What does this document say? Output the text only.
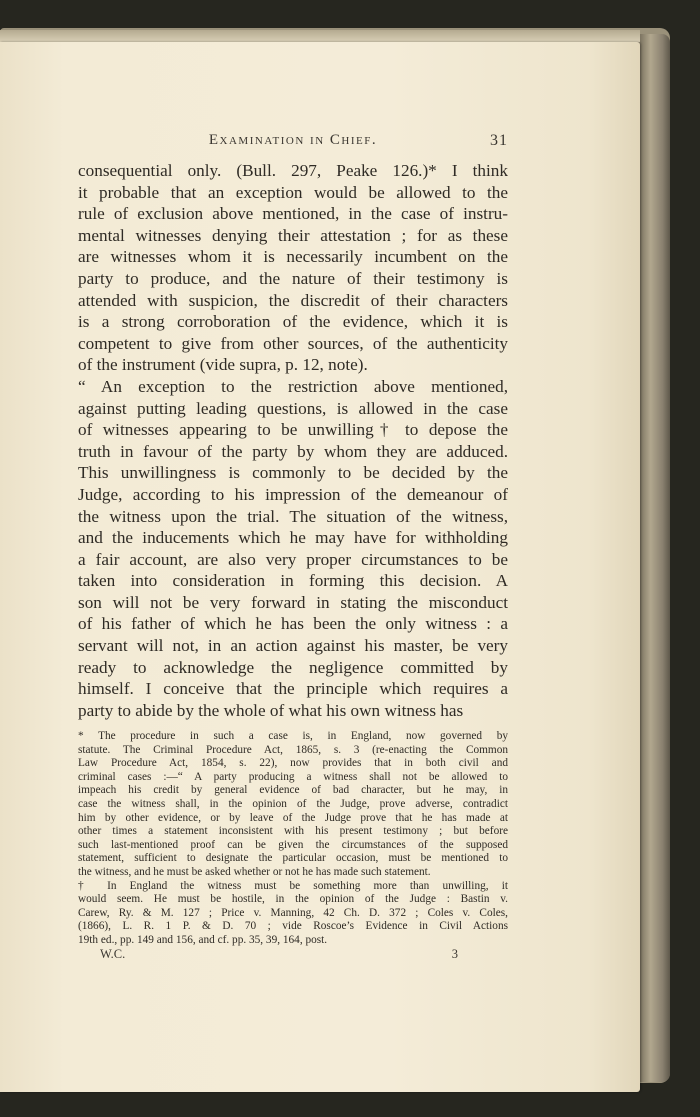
Examination in Chief.	31
consequential only. (Bull. 297, Peake 126.)* I think
it probable that an exception would be allowed to the
rule of exclusion above mentioned, in the case of instru-
mental witnesses denying their attestation ; for as these
are witnesses whom it is necessarily incumbent on the
party to produce, and the nature of their testimony is
attended with suspicion, the discredit of their characters
is a strong corroboration of the evidence, which it is
competent to give from other sources, of the authenticity
of the instrument (vide supra, p. 12, note).
“ An exception to the restriction above mentioned,
against putting leading questions, is allowed in the case
of witnesses appearing to be unwilling† to depose the
truth in favour of the party by whom they are adduced.
This unwillingness is commonly to be decided by the
Judge, according to his impression of the demeanour of
the witness upon the trial. The situation of the witness,
and the inducements which he may have for withholding
a fair account, are also very proper circumstances to be
taken into consideration in forming this decision. A
son will not be very forward in stating the misconduct
of his father of which he has been the only witness : a
servant will not, in an action against his master, be very
ready to acknowledge the negligence committed by
himself. I conceive that the principle which requires a
party to abide by the whole of what his own witness has
* The procedure in such a case is, in England, now governed by
statute. The Criminal Procedure Act, 1865, s. 3 (re-enacting the Common
Law Procedure Act, 1854, s. 22), now provides that in both civil and
criminal cases :—“ A party producing a witness shall not be allowed to
impeach his credit by general evidence of bad character, but he may, in
case the witness shall, in the opinion of the Judge, prove adverse, contradict
him by other evidence, or by leave of the Judge prove that he has made at
other times a statement inconsistent with his present testimony ; but before
such last-mentioned proof can be given the circumstances of the supposed
statement, sufficient to designate the particular occasion, must be mentioned to
the witness, and he must be asked whether or not he has made such statement.
† In England the witness must be something more than unwilling, it
would seem. He must be hostile, in the opinion of the Judge : Bastin v.
Carew, Ry. & M. 127 ; Price v. Manning, 42 Ch. D. 372 ; Coles v. Coles,
(1866), L. R. 1 P. & D. 70 ; vide Roscoe’s Evidence in Civil Actions
19th ed., pp. 149 and 156, and cf. pp. 35, 39, 164, post.
W.C.	3
